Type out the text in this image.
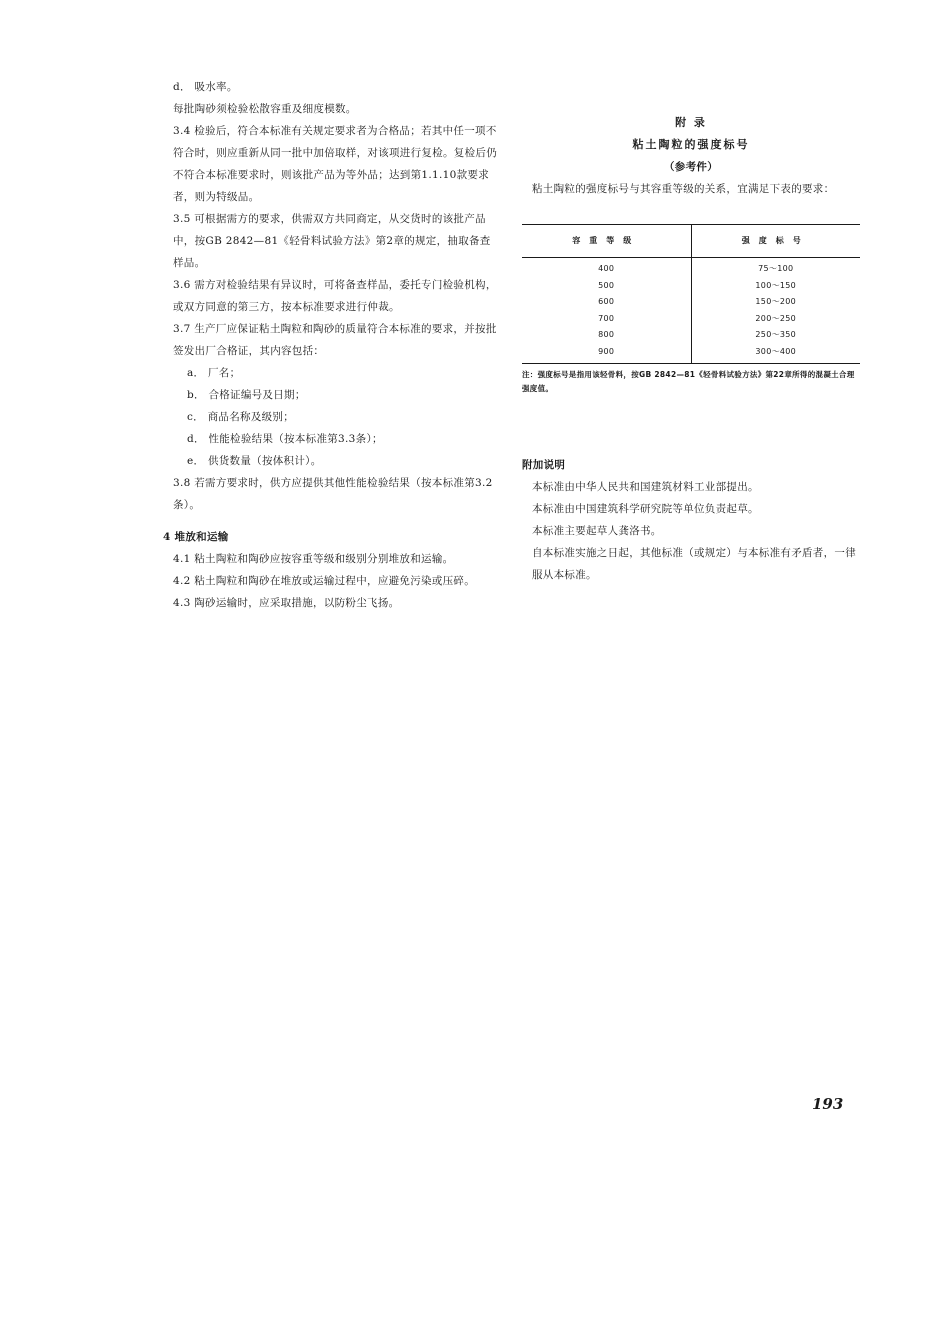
d． 吸水率。

每批陶砂须检验松散容重及细度模数。

3.4 检验后，符合本标准有关规定要求者为合格品；若其中任一项不符合时，则应重新从同一批中加倍取样，对该项进行复检。复检后仍不符合本标准要求时，则该批产品为等外品；达到第1.1.10款要求者，则为特级品。

3.5 可根据需方的要求，供需双方共同商定，从交货时的该批产品中，按GB 2842—81《轻骨料试验方法》第2章的规定，抽取备查样品。

3.6 需方对检验结果有异议时，可将备查样品，委托专门检验机构，或双方同意的第三方，按本标准要求进行仲裁。

3.7 生产厂应保证粘土陶粒和陶砂的质量符合本标准的要求，并按批签发出厂合格证，其内容包括：

a． 厂名；

b． 合格证编号及日期；

c． 商品名称及级别；

d． 性能检验结果（按本标准第3.3条）；

e． 供货数量（按体积计）。

3.8 若需方要求时，供方应提供其他性能检验结果（按本标准第3.2条）。

4 堆放和运输

4.1 粘土陶粒和陶砂应按容重等级和级别分别堆放和运输。

4.2 粘土陶粒和陶砂在堆放或运输过程中，应避免污染或压碎。

4.3 陶砂运输时，应采取措施，以防粉尘飞扬。

附 录

粘土陶粒的强度标号

（参考件）

粘土陶粒的强度标号与其容重等级的关系，宜满足下表的要求：

容重等级	强度标号
400	75～100
500	100～150
600	150～200
700	200～250
800	250～350
900	300～400

注：强度标号是指用该轻骨料，按GB 2842—81《轻骨料试验方法》第22章所得的混凝土合理强度值。

附加说明

本标准由中华人民共和国建筑材料工业部提出。

本标准由中国建筑科学研究院等单位负责起草。

本标准主要起草人龚洛书。

自本标准实施之日起，其他标准（或规定）与本标准有矛盾者，一律服从本标准。

193
